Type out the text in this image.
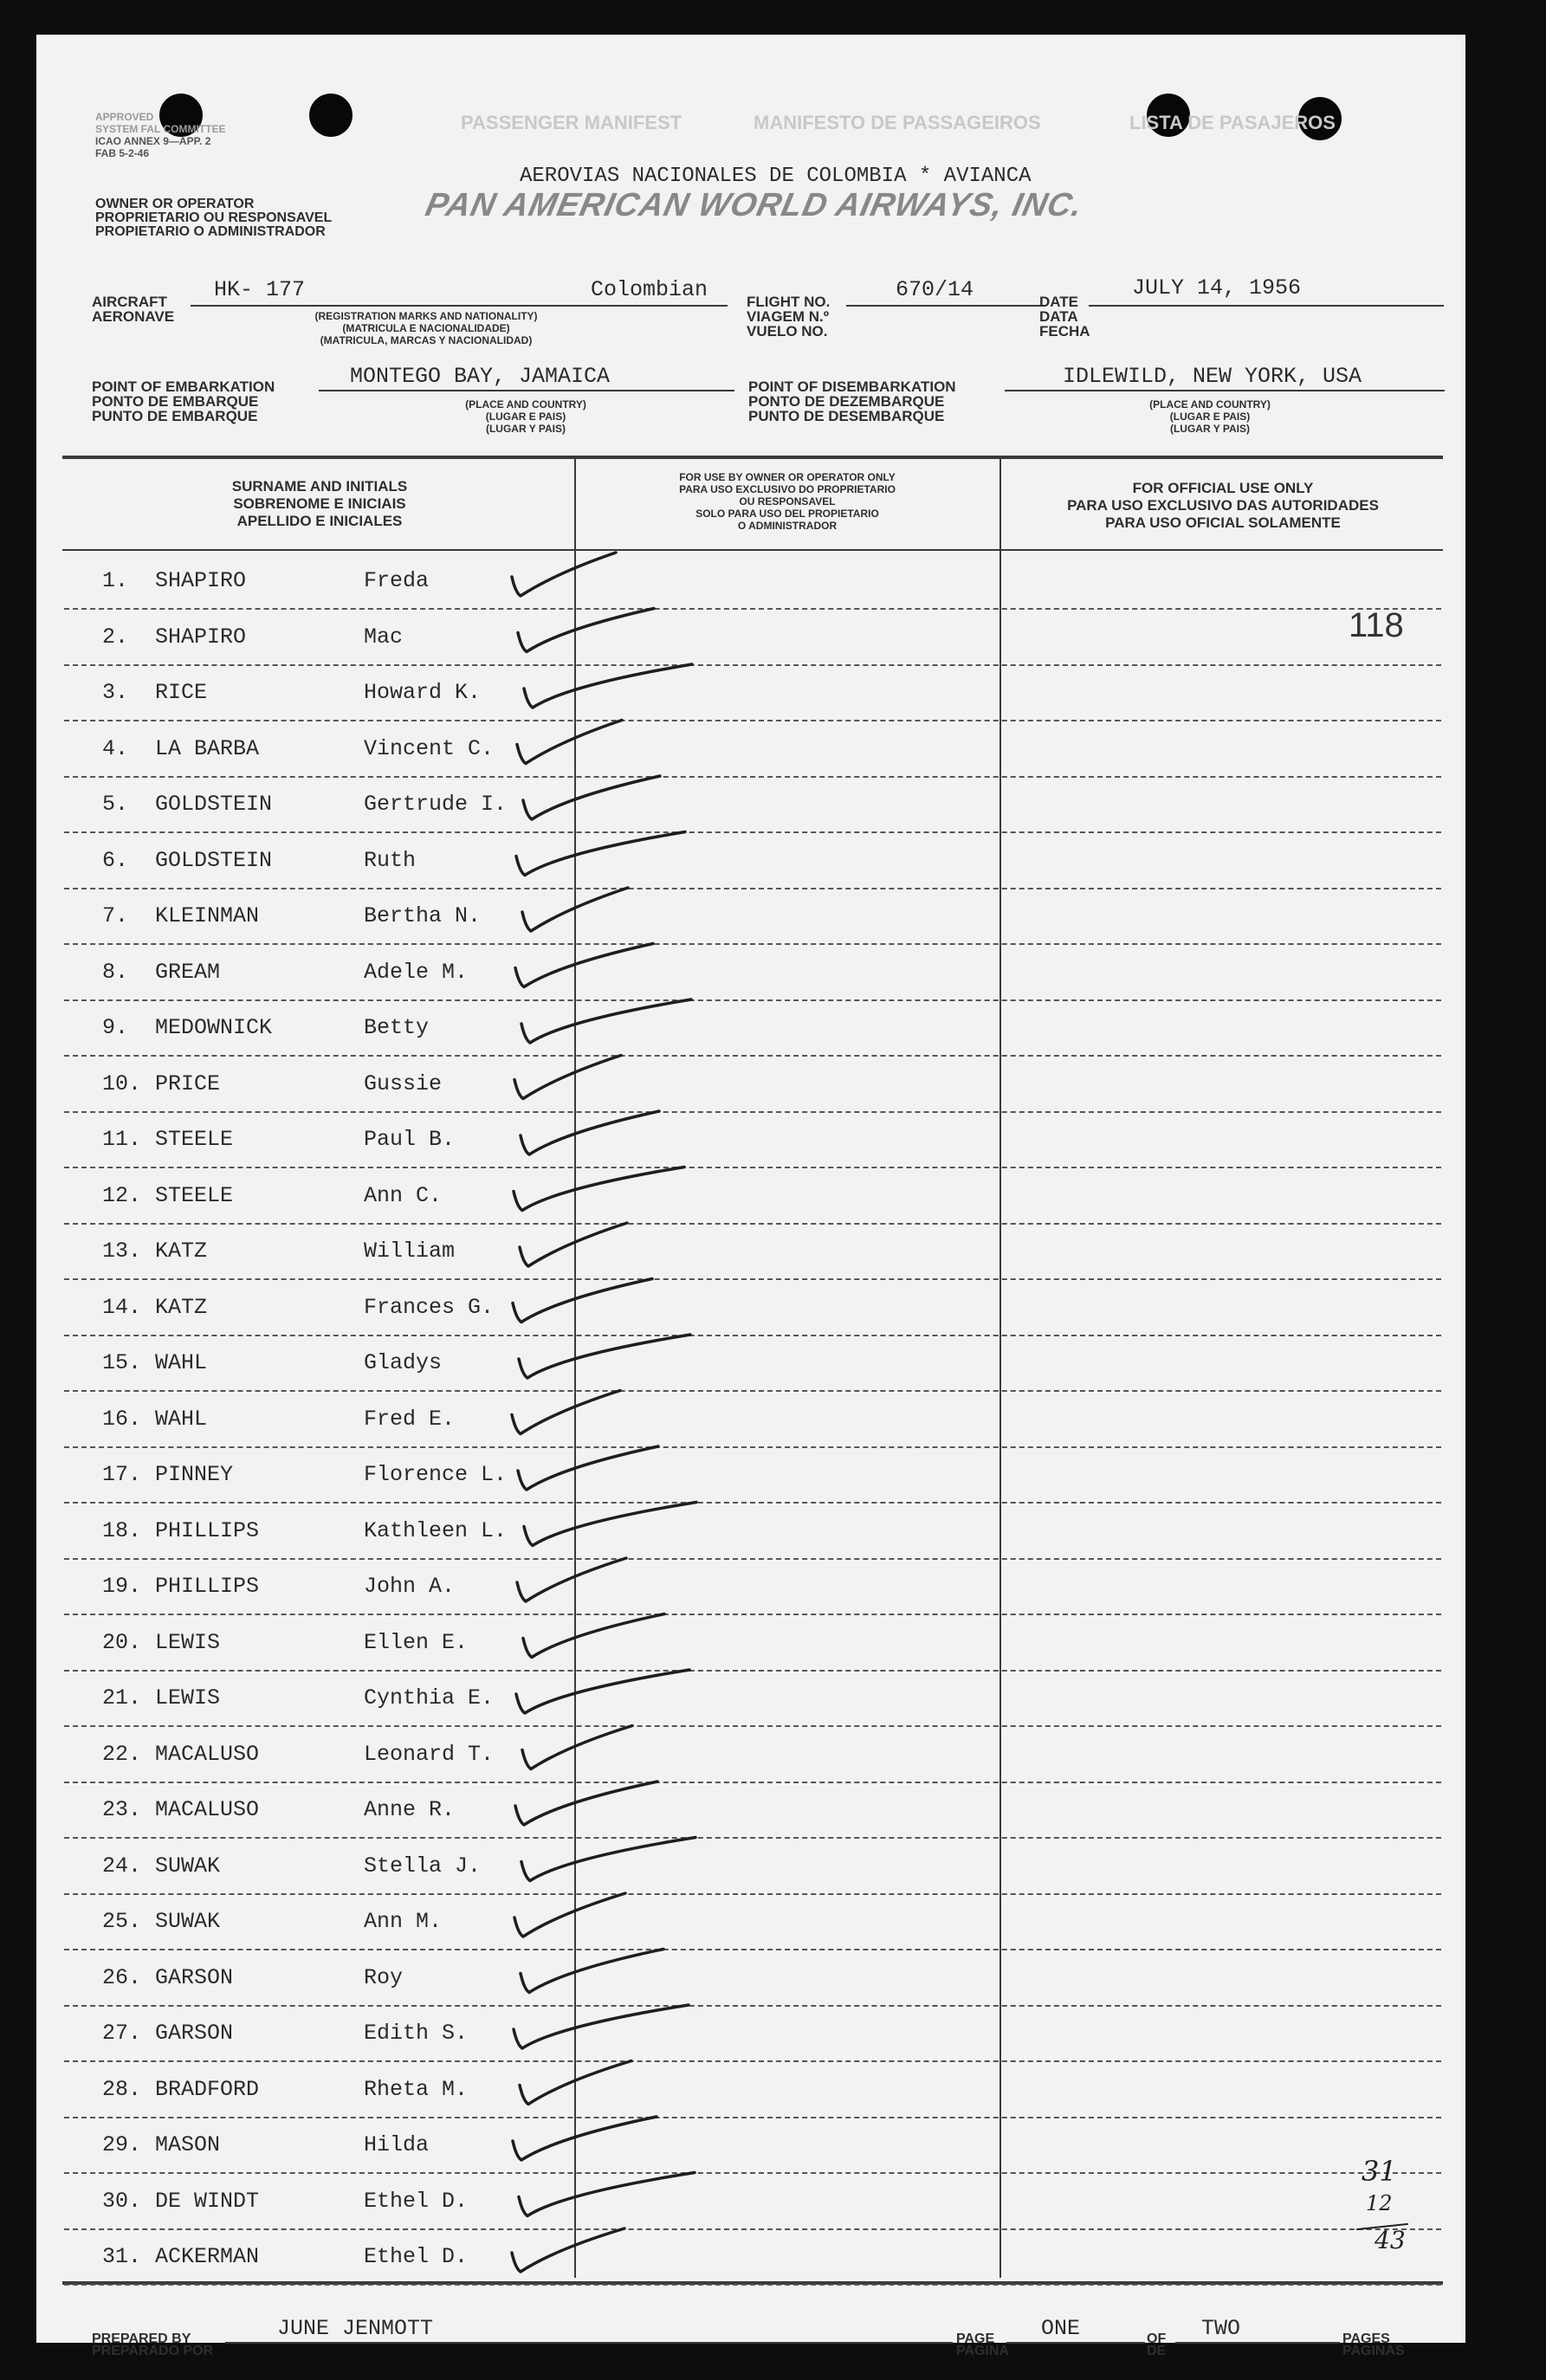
APPROVED
SYSTEM FAL COMMITTEE
ICAO ANNEX 9—APP. 2
FAB 5-2-46
PASSENGER MANIFEST	MANIFESTO DE PASSAGEIROS	LISTA DE PASAJEROS
OWNER OR OPERATOR
PROPRIETARIO OU RESPONSAVEL
PROPIETARIO O ADMINISTRADOR
AEROVIAS NACIONALES DE COLOMBIA * AVIANCA
PAN AMERICAN WORLD AIRWAYS, INC.
AIRCRAFT
AERONAVE
HK- 177	Colombian
(REGISTRATION MARKS AND NATIONALITY)
(MATRICULA E NACIONALIDADE)
(MATRICULA, MARCAS Y NACIONALIDAD)
FLIGHT NO.
VIAGEM N.º
VUELO NO.
670/14	DATE
DATA
FECHA
JULY 14, 1956
POINT OF EMBARKATION
PONTO DE EMBARQUE
PUNTO DE EMBARQUE
MONTEGO BAY, JAMAICA
(PLACE AND COUNTRY)
(LUGAR E PAIS)
(LUGAR Y PAIS)
POINT OF DISEMBARKATION
PONTO DE DEZEMBARQUE
PUNTO DE DESEMBARQUE
IDLEWILD, NEW YORK, USA
(PLACE AND COUNTRY)
(LUGAR E PAIS)
(LUGAR Y PAIS)
SURNAME AND INITIALS
SOBRENOME E INICIAIS
APELLIDO E INICIALES
FOR USE BY OWNER OR OPERATOR ONLY
PARA USO EXCLUSIVO DO PROPRIETARIO
OU RESPONSAVEL
SOLO PARA USO DEL PROPIETARIO
O ADMINISTRADOR
FOR OFFICIAL USE ONLY
PARA USO EXCLUSIVO DAS AUTORIDADES
PARA USO OFICIAL SOLAMENTE
1. SHAPIRO	Freda
2. SHAPIRO	Mac
3. RICE	Howard K.
4. LA BARBA	Vincent C.
5. GOLDSTEIN	Gertrude I.
6. GOLDSTEIN	Ruth
7. KLEINMAN	Bertha N.
8. GREAM	Adele M.
9. MEDOWNICK	Betty
10. PRICE	Gussie
11. STEELE	Paul B.
12. STEELE	Ann C.
13. KATZ	William
14. KATZ	Frances G.
15. WAHL	Gladys
16. WAHL	Fred E.
17. PINNEY	Florence L.
18. PHILLIPS	Kathleen L.
19. PHILLIPS	John A.
20. LEWIS	Ellen E.
21. LEWIS	Cynthia E.
22. MACALUSO	Leonard T.
23. MACALUSO	Anne R.
24. SUWAK	Stella J.
25. SUWAK	Ann M.
26. GARSON	Roy
27. GARSON	Edith S.
28. BRADFORD	Rheta M.
29. MASON	Hilda
30. DE WINDT	Ethel D.
31. ACKERMAN	Ethel D.
118
31
12
43
PREPARED BY
PREPARADO POR
JUNE JENMOTT	PAGE
PAGINA
ONE	OF
DE
TWO	PAGES
PAGINAS
